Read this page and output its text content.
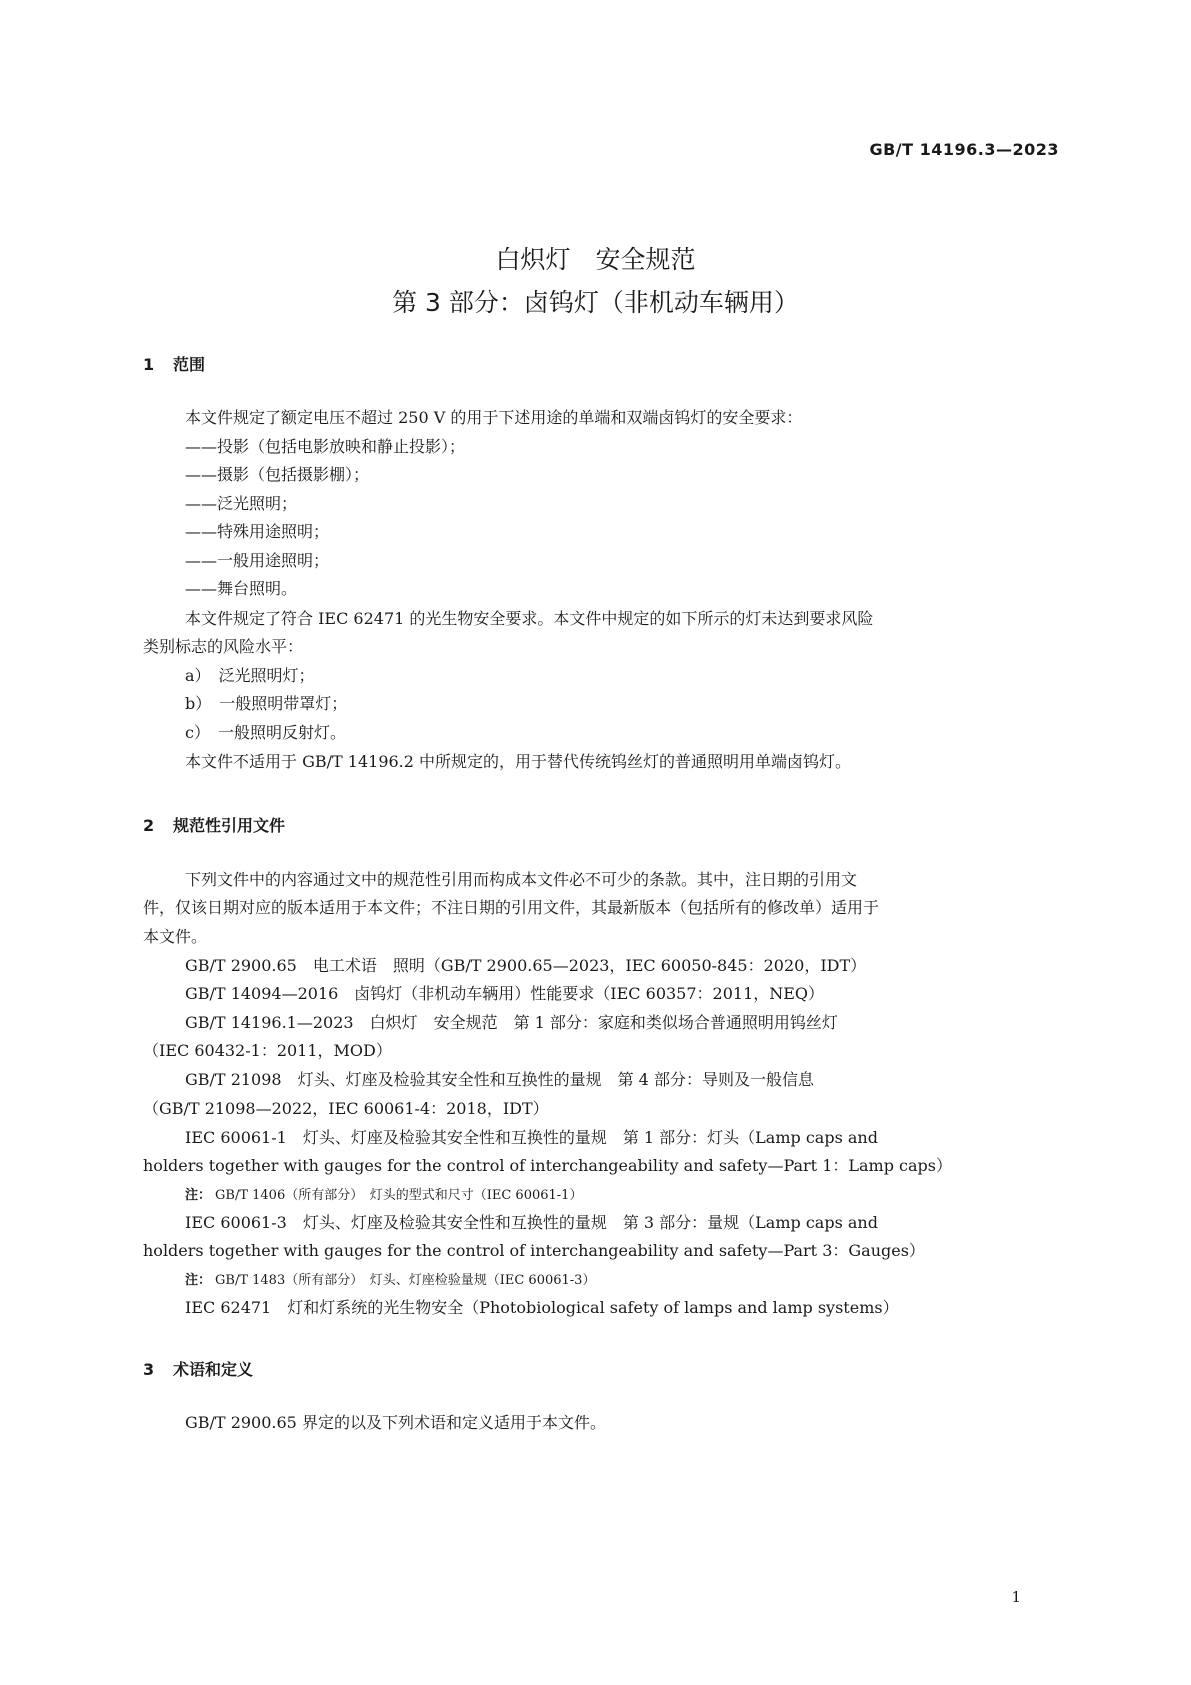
GB/T 14196.3—2023
白炽灯　安全规范
第 3 部分：卤钨灯（非机动车辆用）
1 范围
本文件规定了额定电压不超过 250 V 的用于下述用途的单端和双端卤钨灯的安全要求：
——投影（包括电影放映和静止投影）；
——摄影（包括摄影棚）；
——泛光照明；
——特殊用途照明；
——一般用途照明；
——舞台照明。
本文件规定了符合 IEC 62471 的光生物安全要求。本文件中规定的如下所示的灯未达到要求风险
类别标志的风险水平：
a）　泛光照明灯；
b）　一般照明带罩灯；
c）　一般照明反射灯。
本文件不适用于 GB/T 14196.2 中所规定的，用于替代传统钨丝灯的普通照明用单端卤钨灯。
2 规范性引用文件
下列文件中的内容通过文中的规范性引用而构成本文件必不可少的条款。其中，注日期的引用文
件，仅该日期对应的版本适用于本文件；不注日期的引用文件，其最新版本（包括所有的修改单）适用于
本文件。
GB/T 2900.65　电工术语　照明（GB/T 2900.65—2023，IEC 60050-845：2020，IDT）
GB/T 14094—2016　卤钨灯（非机动车辆用）性能要求（IEC 60357：2011，NEQ）
GB/T 14196.1—2023　白炽灯　安全规范　第 1 部分：家庭和类似场合普通照明用钨丝灯
（IEC 60432-1：2011，MOD）
GB/T 21098　灯头、灯座及检验其安全性和互换性的量规　第 4 部分：导则及一般信息
（GB/T 21098—2022，IEC 60061-4：2018，IDT）
IEC 60061-1　灯头、灯座及检验其安全性和互换性的量规　第 1 部分：灯头（Lamp caps and
holders together with gauges for the control of interchangeability and safety—Part 1：Lamp caps）
注： GB/T 1406（所有部分）　灯头的型式和尺寸（IEC 60061-1）
IEC 60061-3　灯头、灯座及检验其安全性和互换性的量规　第 3 部分：量规（Lamp caps and
holders together with gauges for the control of interchangeability and safety—Part 3：Gauges）
注： GB/T 1483（所有部分）　灯头、灯座检验量规（IEC 60061-3）
IEC 62471　灯和灯系统的光生物安全（Photobiological safety of lamps and lamp systems）
3 术语和定义
GB/T 2900.65 界定的以及下列术语和定义适用于本文件。
1
